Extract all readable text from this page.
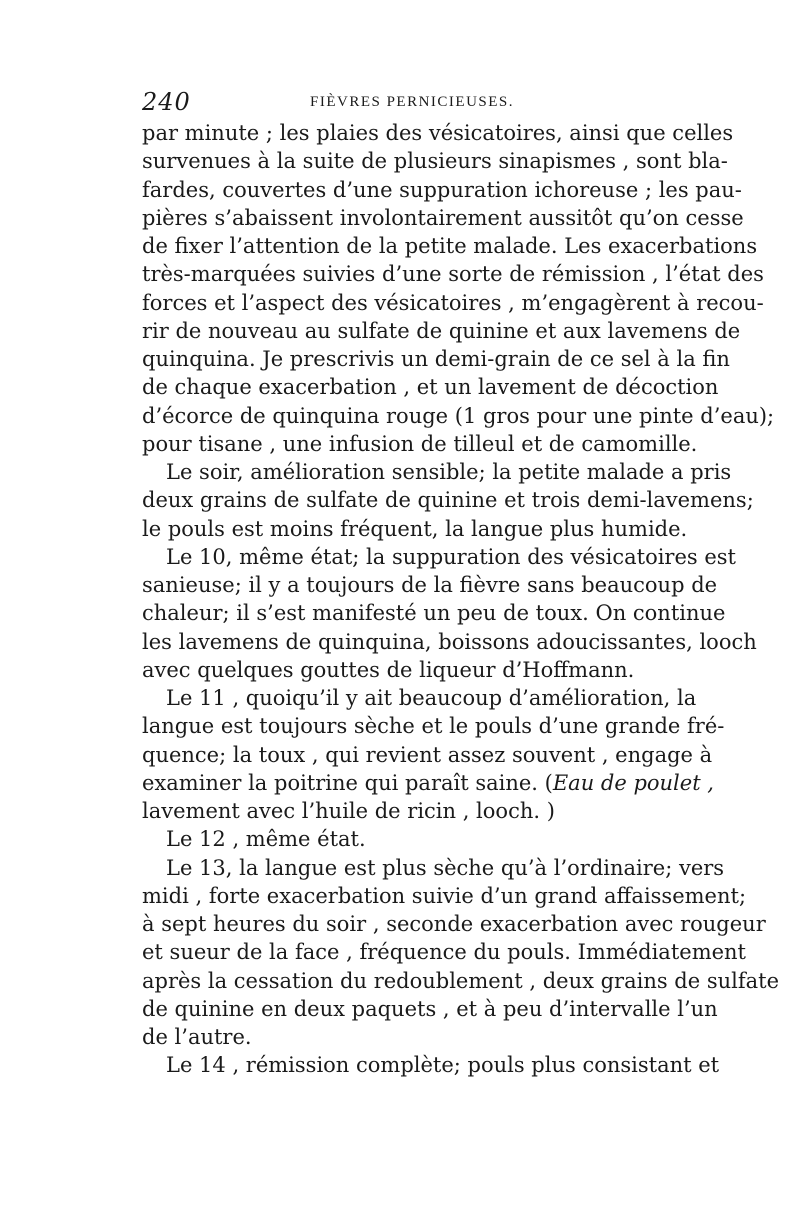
240	FIÈVRES PERNICIEUSES.
par minute ; les plaies des vésicatoires, ainsi que celles
survenues à la suite de plusieurs sinapismes , sont bla-
fardes, couvertes d’une suppuration ichoreuse ; les pau-
pières s’abaissent involontairement aussitôt qu’on cesse
de fixer l’attention de la petite malade. Les exacerbations
très-marquées suivies d’une sorte de rémission , l’état des
forces et l’aspect des vésicatoires , m’engagèrent à recou-
rir de nouveau au sulfate de quinine et aux lavemens de
quinquina. Je prescrivis un demi-grain de ce sel à la fin
de chaque exacerbation , et un lavement de décoction
d’écorce de quinquina rouge (1 gros pour une pinte d’eau);
pour tisane , une infusion de tilleul et de camomille.
Le soir, amélioration sensible; la petite malade a pris
deux grains de sulfate de quinine et trois demi-lavemens;
le pouls est moins fréquent, la langue plus humide.
Le 10, même état; la suppuration des vésicatoires est
sanieuse; il y a toujours de la fièvre sans beaucoup de
chaleur; il s’est manifesté un peu de toux. On continue
les lavemens de quinquina, boissons adoucissantes, looch
avec quelques gouttes de liqueur d’Hoffmann.
Le 11 , quoiqu’il y ait beaucoup d’amélioration, la
langue est toujours sèche et le pouls d’une grande fré-
quence; la toux , qui revient assez souvent , engage à
examiner la poitrine qui paraît saine. (Eau de poulet ,
lavement avec l’huile de ricin , looch. )
Le 12 , même état.
Le 13, la langue est plus sèche qu’à l’ordinaire; vers
midi , forte exacerbation suivie d’un grand affaissement;
à sept heures du soir , seconde exacerbation avec rougeur
et sueur de la face , fréquence du pouls. Immédiatement
après la cessation du redoublement , deux grains de sulfate
de quinine en deux paquets , et à peu d’intervalle l’un
de l’autre.
Le 14 , rémission complète; pouls plus consistant et
